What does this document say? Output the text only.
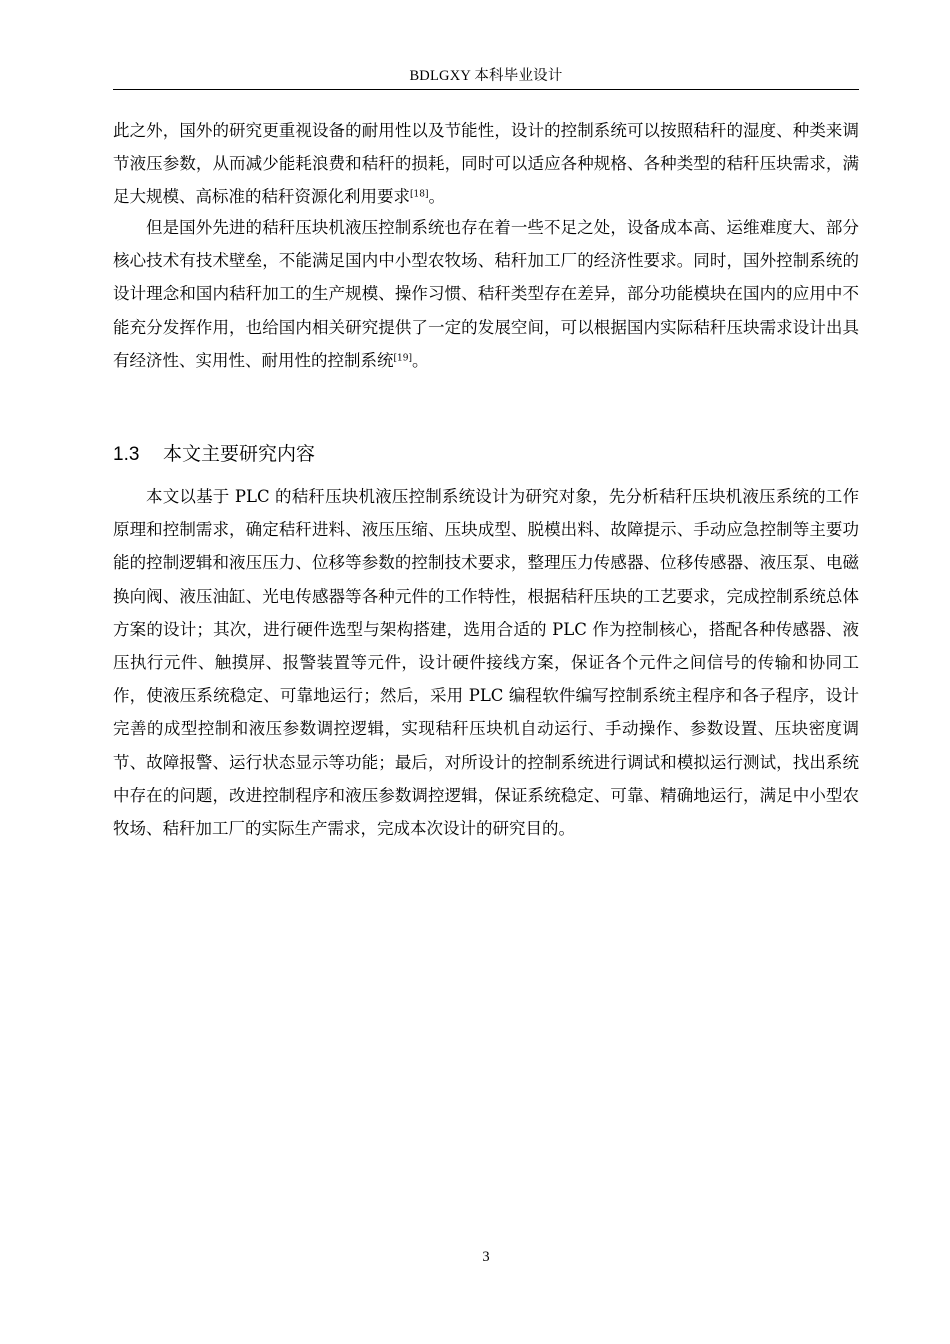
BDLGXY 本科毕业设计

此之外，国外的研究更重视设备的耐用性以及节能性，设计的控制系统可以按照秸秆的湿度、种类来调节液压参数，从而减少能耗浪费和秸秆的损耗，同时可以适应各种规格、各种类型的秸秆压块需求，满足大规模、高标准的秸秆资源化利用要求[18]。

但是国外先进的秸秆压块机液压控制系统也存在着一些不足之处，设备成本高、运维难度大、部分核心技术有技术壁垒，不能满足国内中小型农牧场、秸秆加工厂的经济性要求。同时，国外控制系统的设计理念和国内秸秆加工的生产规模、操作习惯、秸秆类型存在差异，部分功能模块在国内的应用中不能充分发挥作用，也给国内相关研究提供了一定的发展空间，可以根据国内实际秸秆压块需求设计出具有经济性、实用性、耐用性的控制系统[19]。

1.3 本文主要研究内容

本文以基于 PLC 的秸秆压块机液压控制系统设计为研究对象，先分析秸秆压块机液压系统的工作原理和控制需求，确定秸秆进料、液压压缩、压块成型、脱模出料、故障提示、手动应急控制等主要功能的控制逻辑和液压压力、位移等参数的控制技术要求，整理压力传感器、位移传感器、液压泵、电磁换向阀、液压油缸、光电传感器等各种元件的工作特性，根据秸秆压块的工艺要求，完成控制系统总体方案的设计；其次，进行硬件选型与架构搭建，选用合适的 PLC 作为控制核心，搭配各种传感器、液压执行元件、触摸屏、报警装置等元件，设计硬件接线方案，保证各个元件之间信号的传输和协同工作，使液压系统稳定、可靠地运行；然后，采用 PLC 编程软件编写控制系统主程序和各子程序，设计完善的成型控制和液压参数调控逻辑，实现秸秆压块机自动运行、手动操作、参数设置、压块密度调节、故障报警、运行状态显示等功能；最后，对所设计的控制系统进行调试和模拟运行测试，找出系统中存在的问题，改进控制程序和液压参数调控逻辑，保证系统稳定、可靠、精确地运行，满足中小型农牧场、秸秆加工厂的实际生产需求，完成本次设计的研究目的。

3
